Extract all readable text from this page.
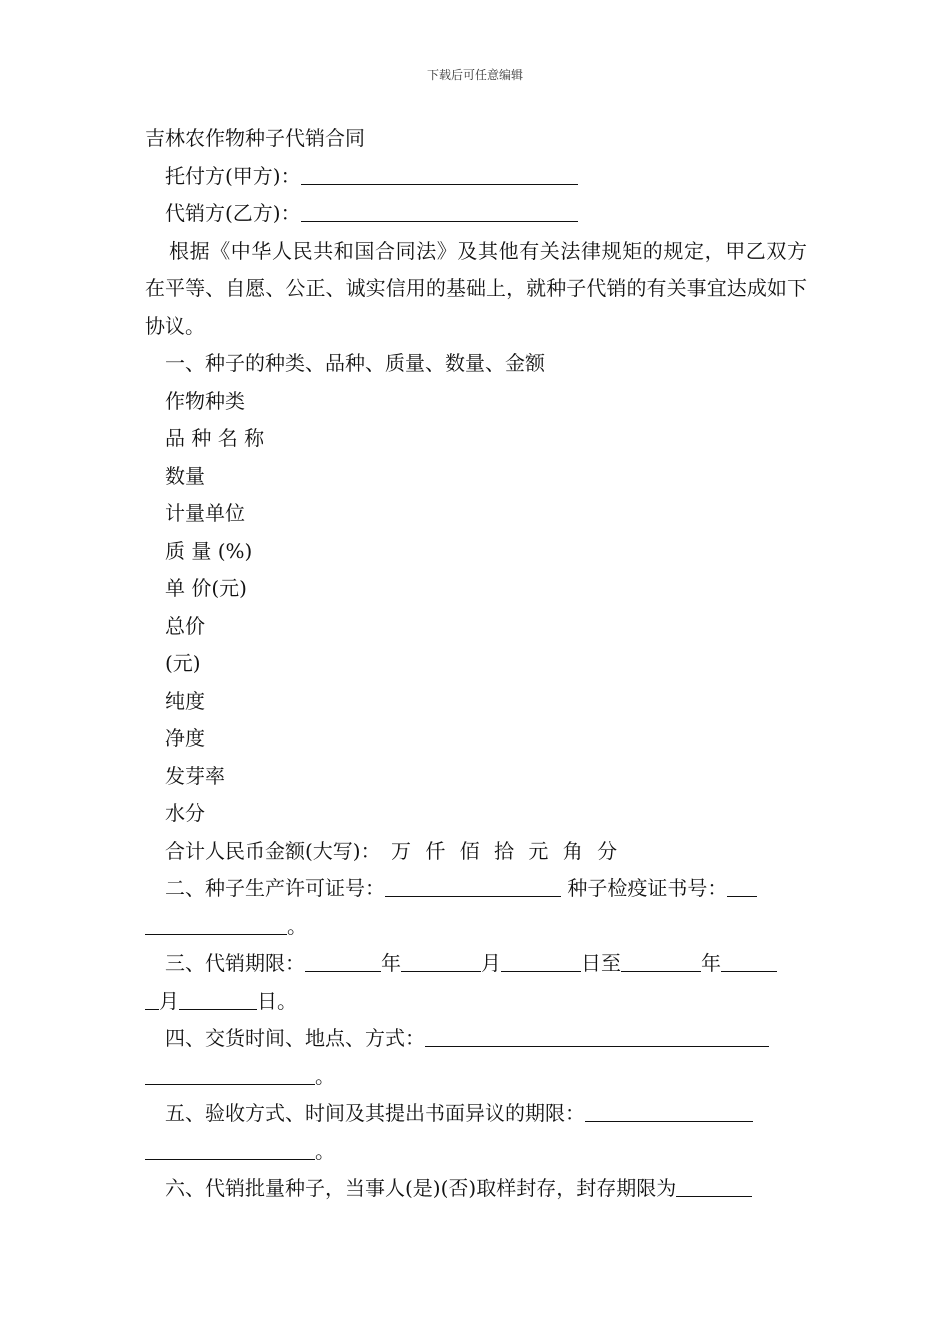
下载后可任意编辑
吉林农作物种子代销合同
托付方(甲方)：
代销方(乙方)：
根据《中华人民共和国合同法》及其他有关法律规矩的规定，甲乙双方在平等、自愿、公正、诚实信用的基础上，就种子代销的有关事宜达成如下协议。
一、种子的种类、品种、质量、数量、金额
作物种类
品 种 名 称
数量
计量单位
质 量 (%)
单 价(元)
总价
(元)
纯度
净度
发芽率
水分
合计人民币金额(大写)： 万 仟 佰 拾 元 角 分
二、种子生产许可证号：	种子检疫证书号：
。
三、代销期限：	年	月	日至	年
月	日。
四、交货时间、地点、方式：
。
五、验收方式、时间及其提出书面异议的期限：
。
六、代销批量种子，当事人(是)(否)取样封存，封存期限为
